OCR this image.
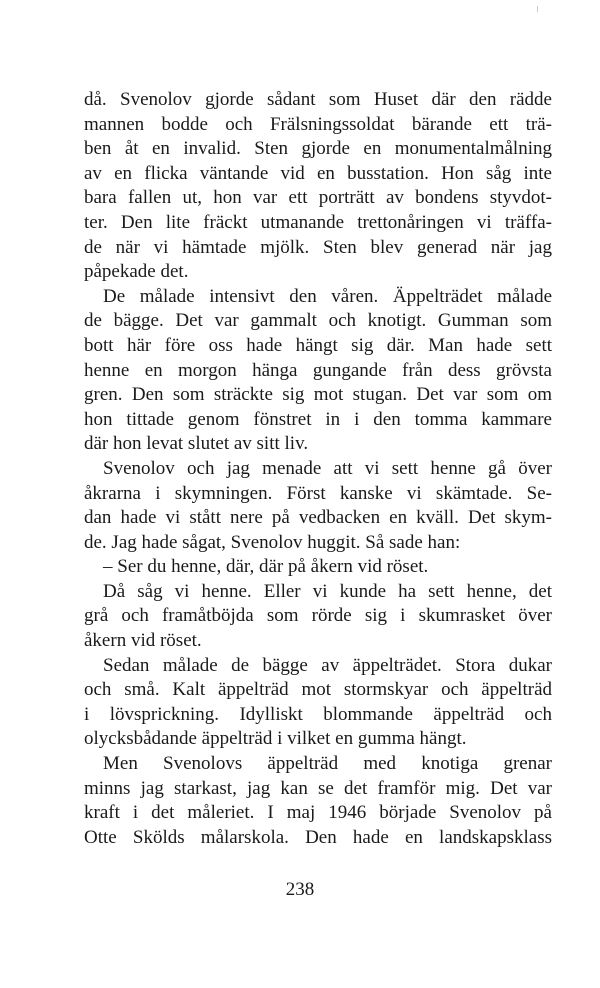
då. Svenolov gjorde sådant som Huset där den rädde
mannen bodde och Frälsningssoldat bärande ett trä-
ben åt en invalid. Sten gjorde en monumentalmålning
av en flicka väntande vid en busstation. Hon såg inte
bara fallen ut, hon var ett porträtt av bondens styvdot-
ter. Den lite fräckt utmanande trettonåringen vi träffa-
de när vi hämtade mjölk. Sten blev generad när jag
påpekade det.
De målade intensivt den våren. Äppelträdet målade
de bägge. Det var gammalt och knotigt. Gumman som
bott här före oss hade hängt sig där. Man hade sett
henne en morgon hänga gungande från dess grövsta
gren. Den som sträckte sig mot stugan. Det var som om
hon tittade genom fönstret in i den tomma kammare
där hon levat slutet av sitt liv.
Svenolov och jag menade att vi sett henne gå över
åkrarna i skymningen. Först kanske vi skämtade. Se-
dan hade vi stått nere på vedbacken en kväll. Det skym-
de. Jag hade sågat, Svenolov huggit. Så sade han:
– Ser du henne, där, där på åkern vid röset.
Då såg vi henne. Eller vi kunde ha sett henne, det
grå och framåtböjda som rörde sig i skumrasket över
åkern vid röset.
Sedan målade de bägge av äppelträdet. Stora dukar
och små. Kalt äppelträd mot stormskyar och äppelträd
i lövsprickning. Idylliskt blommande äppelträd och
olycksbådande äppelträd i vilket en gumma hängt.
Men Svenolovs äppelträd med knotiga grenar
minns jag starkast, jag kan se det framför mig. Det var
kraft i det måleriet. I maj 1946 började Svenolov på
Otte Skölds målarskola. Den hade en landskapsklass
238
